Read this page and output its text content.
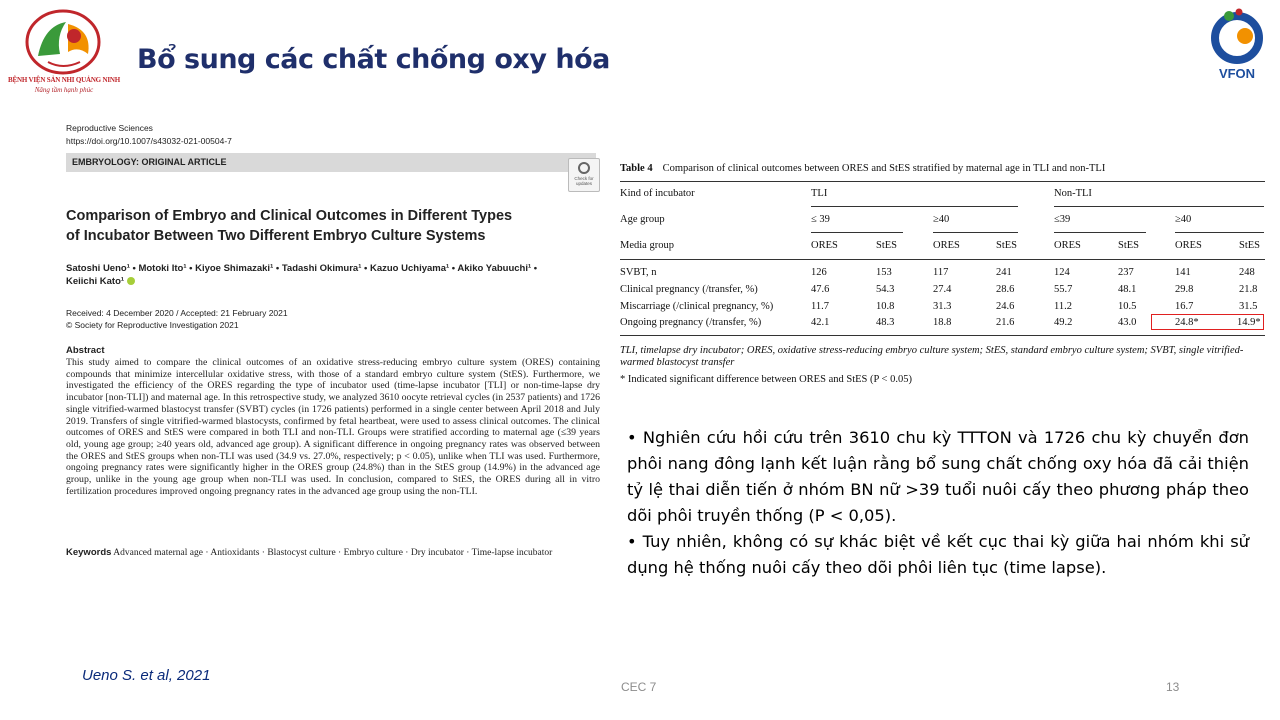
BỆNH VIỆN SẢN NHI QUẢNG NINH
Nâng tầm hạnh phúc
Bổ sung các chất chống oxy hóa	VFON
Reproductive Sciences
https://doi.org/10.1007/s43032-021-00504-7
EMBRYOLOGY: ORIGINAL ARTICLE
Check for updates
Comparison of Embryo and Clinical Outcomes in Different Types
of Incubator Between Two Different Embryo Culture Systems
Satoshi Ueno¹ • Motoki Ito¹ • Kiyoe Shimazaki¹ • Tadashi Okimura¹ • Kazuo Uchiyama¹ • Akiko Yabuuchi¹ •
Keiichi Kato¹
Received: 4 December 2020 / Accepted: 21 February 2021
© Society for Reproductive Investigation 2021
Abstract
This study aimed to compare the clinical outcomes of an oxidative stress-reducing embryo culture system (ORES) containing compounds that minimize intercellular oxidative stress, with those of a standard embryo culture system (StES). Furthermore, we investigated the efficiency of the ORES regarding the type of incubator used (time-lapse incubator [TLI] or non-time-lapse dry incubator [non-TLI]) and maternal age. In this retrospective study, we analyzed 3610 oocyte retrieval cycles (in 2537 patients) and 1726 single vitrified-warmed blastocyst transfer (SVBT) cycles (in 1726 patients) performed in a single center between April 2018 and July 2019. Transfers of single vitrified-warmed blastocysts, confirmed by fetal heartbeat, were used to assess clinical outcomes. The clinical outcomes of ORES and StES were compared in both TLI and non-TLI. Groups were stratified according to maternal age (≤39 years old, young age group; ≥40 years old, advanced age group). A significant difference in ongoing pregnancy rates was observed between the ORES and StES groups when non-TLI was used (34.9 vs. 27.0%, respectively; p < 0.05), unlike when TLI was used. Furthermore, ongoing pregnancy rates were significantly higher in the ORES group (24.8%) than in the StES group (14.9%) in the advanced age group, unlike in the young age group when non-TLI was used. In conclusion, compared to StES, the ORES during all in vitro fertilization procedures improved ongoing pregnancy rates in the advanced age group using the non-TLI.
Keywords Advanced maternal age · Antioxidants · Blastocyst culture · Embryo culture · Dry incubator · Time-lapse incubator
Table 4 Comparison of clinical outcomes between ORES and StES stratified by maternal age in TLI and non-TLI
Kind of incubator	TLI	Non-TLI
Age group	≤ 39	≥40	≤39	≥40
Media group	ORES	StES	ORES	StES	ORES	StES	ORES	StES
SVBT, n	126	153	117	241	124	237	141	248
Clinical pregnancy (/transfer, %)	47.6	54.3	27.4	28.6	55.7	48.1	29.8	21.8
Miscarriage (/clinical pregnancy, %)	11.7	10.8	31.3	24.6	11.2	10.5	16.7	31.5
Ongoing pregnancy (/transfer, %)	42.1	48.3	18.8	21.6	49.2	43.0	24.8*	14.9*
TLI, timelapse dry incubator; ORES, oxidative stress-reducing embryo culture system; StES, standard embryo culture system; SVBT, single vitrified-warmed blastocyst transfer
* Indicated significant difference between ORES and StES (P < 0.05)

• Nghiên cứu hồi cứu trên 3610 chu kỳ TTTON và 1726 chu kỳ chuyển đơn phôi nang đông lạnh kết luận rằng bổ sung chất chống oxy hóa đã cải thiện tỷ lệ thai diễn tiến ở nhóm BN nữ >39 tuổi nuôi cấy theo phương pháp theo dõi phôi truyền thống (P < 0,05).

• Tuy nhiên, không có sự khác biệt về kết cục thai kỳ giữa hai nhóm khi sử dụng hệ thống nuôi cấy theo dõi phôi liên tục (time lapse).

Ueno S. et al, 2021
CEC 7	13
